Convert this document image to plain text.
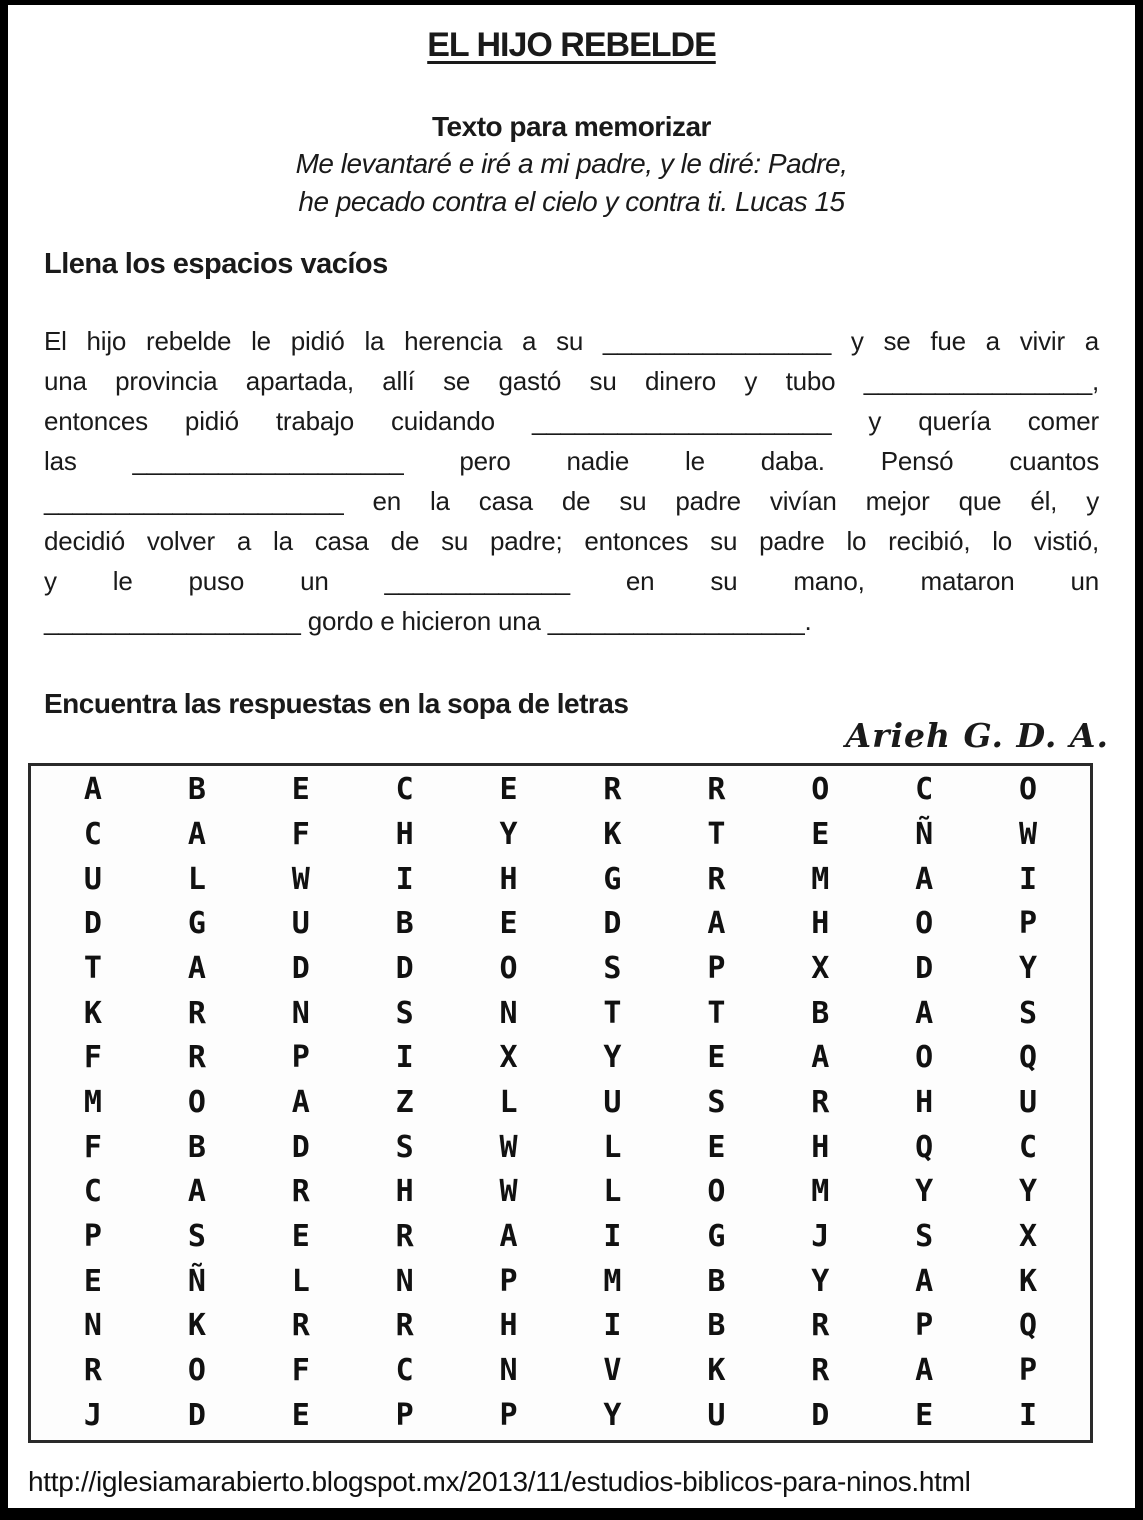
EL HIJO REBELDE
Texto para memorizar
Me levantaré e iré a mi padre, y le diré: Padre,
he pecado contra el cielo y contra ti. Lucas 15
Llena los espacios vacíos
El hijo rebelde le pidió la herencia a su ________________ y se fue a vivir a
una provincia apartada, allí se gastó su dinero y tubo ________________,
entonces pidió trabajo cuidando _____________________ y quería comer
las ___________________ pero nadie le daba. Pensó cuantos
_____________________ en la casa de su padre vivían mejor que él, y
decidió volver a la casa de su padre; entonces su padre lo recibió, lo vistió,
y le puso un _____________ en su mano, mataron un
__________________ gordo e hicieron una __________________.
Encuentra las respuestas en la sopa de letras
Arieh G. D. A.
A	B	E	C	E	R	R	O	C	O
C	A	F	H	Y	K	T	E	Ñ	W
U	L	W	I	H	G	R	M	A	I
D	G	U	B	E	D	A	H	O	P
T	A	D	D	O	S	P	X	D	Y
K	R	N	S	N	T	T	B	A	S
F	R	P	I	X	Y	E	A	O	Q
M	O	A	Z	L	U	S	R	H	U
F	B	D	S	W	L	E	H	Q	C
C	A	R	H	W	L	O	M	Y	Y
P	S	E	R	A	I	G	J	S	X
E	Ñ	L	N	P	M	B	Y	A	K
N	K	R	R	H	I	B	R	P	Q
R	O	F	C	N	V	K	R	A	P
J	D	E	P	P	Y	U	D	E	I
http://iglesiamarabierto.blogspot.mx/2013/11/estudios-biblicos-para-ninos.html
